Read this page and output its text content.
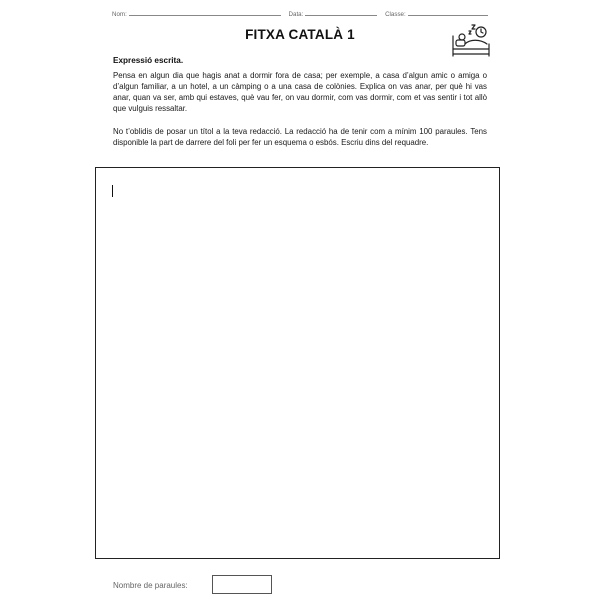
Nom:	Data:	Classe:
FITXA CATALÀ 1
Expressió escrita.
Pensa en algun dia que hagis anat a dormir fora de casa; per exemple, a casa d’algun amic o amiga o d’algun familiar, a un hotel, a un càmping o a una casa de colònies. Explica on vas anar, per què hi vas anar, quan va ser, amb qui estaves, què vau fer, on vau dormir, com vas dormir, com et vas sentir i tot allò que vulguis ressaltar.
No t’oblidis de posar un títol a la teva redacció. La redacció ha de tenir com a mínim 100 paraules. Tens disponible la part de darrere del foli per fer un esquema o esbós. Escriu dins del requadre.
Nombre de paraules:
